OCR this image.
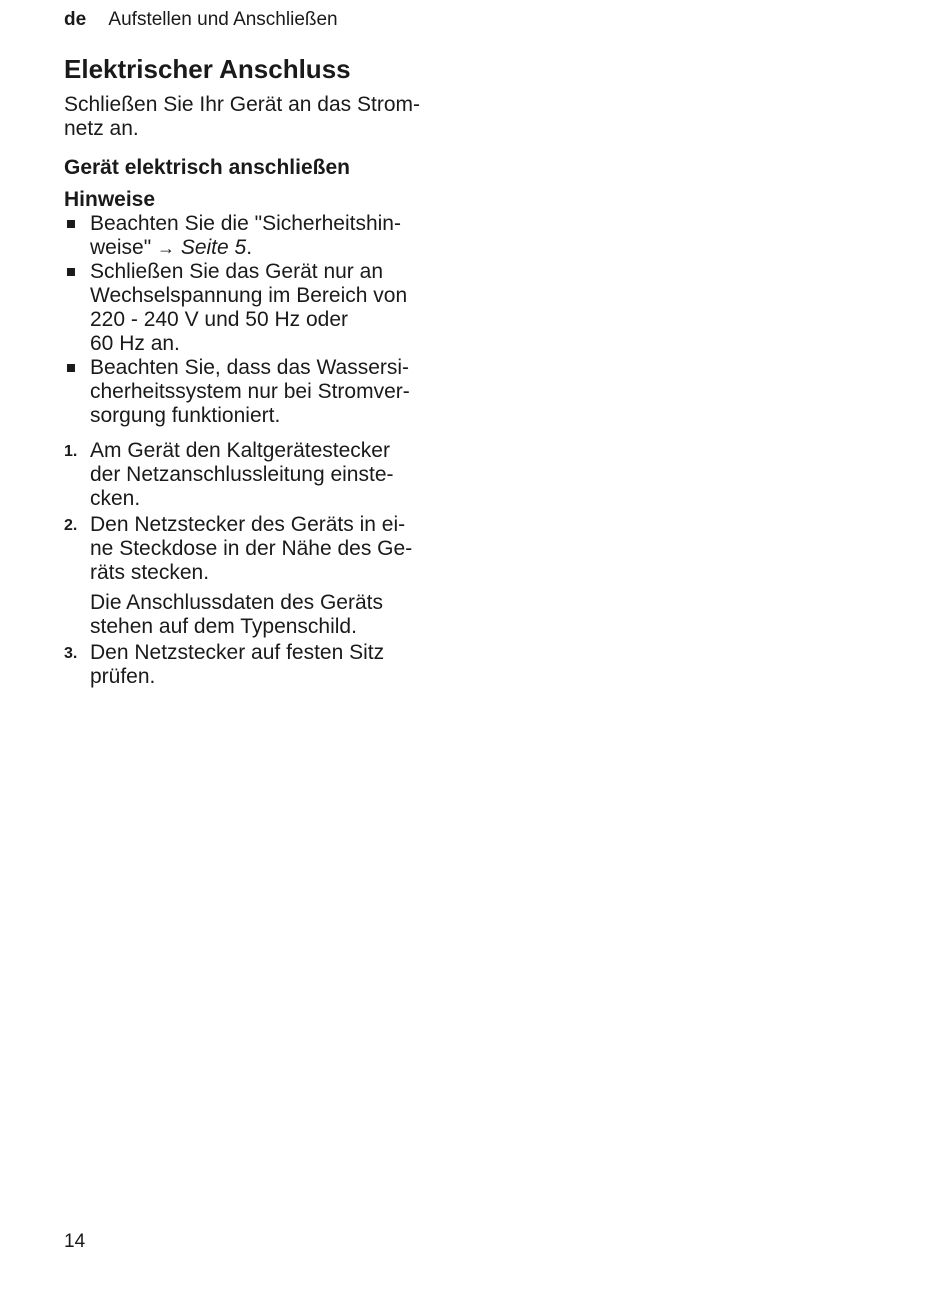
de Aufstellen und Anschließen
Elektrischer Anschluss

Schließen Sie Ihr Gerät an das Strom-
netz an.

Gerät elektrisch anschließen
Hinweise
Beachten Sie die "Sicherheitshin-
weise" → Seite 5.
Schließen Sie das Gerät nur an
Wechselspannung im Bereich von
220 - 240 V und 50 Hz oder
60 Hz an.
Beachten Sie, dass das Wassersi-
cherheitssystem nur bei Stromver-
sorgung funktioniert.
1. Am Gerät den Kaltgerätestecker
der Netzanschlussleitung einste-
cken.
2. Den Netzstecker des Geräts in ei-
ne Steckdose in der Nähe des Ge-
räts stecken.
Die Anschlussdaten des Geräts
stehen auf dem Typenschild.
3. Den Netzstecker auf festen Sitz
prüfen.
14
